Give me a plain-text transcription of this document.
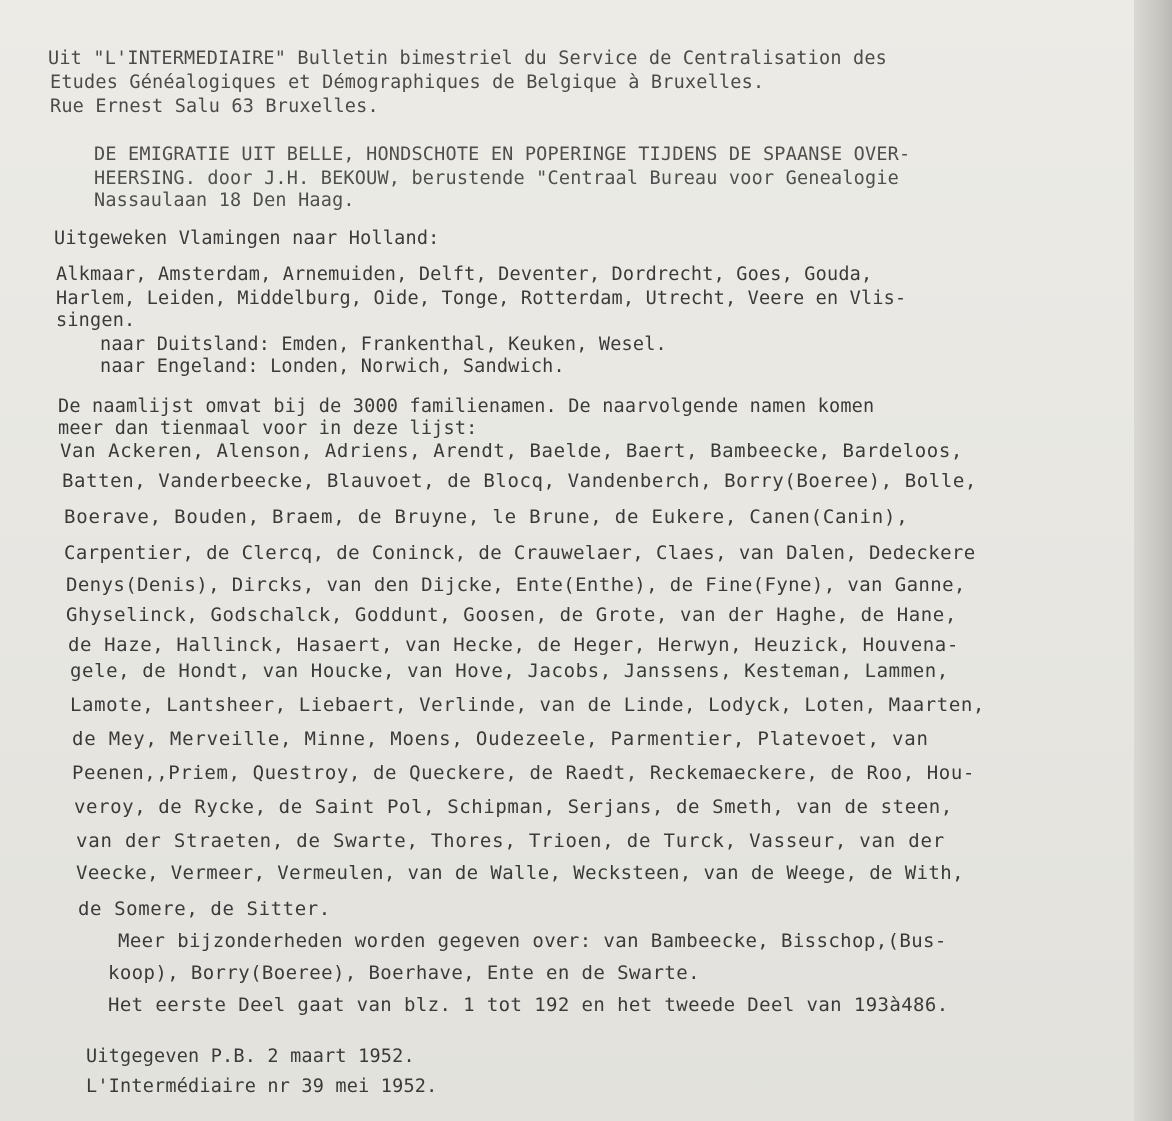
Uit "L'INTERMEDIAIRE" Bulletin bimestriel du Service de Centralisation des
Etudes Généalogiques et Démographiques de Belgique à Bruxelles.
Rue Ernest Salu 63 Bruxelles.
DE EMIGRATIE UIT BELLE, HONDSCHOTE EN POPERINGE TIJDENS DE SPAANSE OVER-
HEERSING. door J.H. BEKOUW, berustende "Centraal Bureau voor Genealogie
Nassaulaan 18 Den Haag.
Uitgeweken Vlamingen naar Holland:
Alkmaar, Amsterdam, Arnemuiden, Delft, Deventer, Dordrecht, Goes, Gouda,
Harlem, Leiden, Middelburg, Oide, Tonge, Rotterdam, Utrecht, Veere en Vlis-
singen.
naar Duitsland: Emden, Frankenthal, Keuken, Wesel.
naar Engeland: Londen, Norwich, Sandwich.
De naamlijst omvat bij de 3000 familienamen. De naarvolgende namen komen
meer dan tienmaal voor in deze lijst:
Van Ackeren, Alenson, Adriens, Arendt, Baelde, Baert, Bambeecke, Bardeloos,
Batten, Vanderbeecke, Blauvoet, de Blocq, Vandenberch, Borry(Boeree), Bolle,
Boerave, Bouden, Braem, de Bruyne, le Brune, de Eukere, Canen(Canin),
Carpentier, de Clercq, de Coninck, de Crauwelaer, Claes, van Dalen, Dedeckere
Denys(Denis), Dircks, van den Dijcke, Ente(Enthe), de Fine(Fyne), van Ganne,
Ghyselinck, Godschalck, Goddunt, Goosen, de Grote, van der Haghe, de Hane,
de Haze, Hallinck, Hasaert, van Hecke, de Heger, Herwyn, Heuzick, Houvena-
gele, de Hondt, van Houcke, van Hove, Jacobs, Janssens, Kesteman, Lammen,
Lamote, Lantsheer, Liebaert, Verlinde, van de Linde, Lodyck, Loten, Maarten,
de Mey, Merveille, Minne, Moens, Oudezeele, Parmentier, Platevoet, van
Peenen,,Priem, Questroy, de Queckere, de Raedt, Reckemaeckere, de Roo, Hou-
veroy, de Rycke, de Saint Pol, Schipman, Serjans, de Smeth, van de steen,
van der Straeten, de Swarte, Thores, Trioen, de Turck, Vasseur, van der
Veecke, Vermeer, Vermeulen, van de Walle, Wecksteen, van de Weege, de With,
de Somere, de Sitter.
Meer bijzonderheden worden gegeven over: van Bambeecke, Bisschop,(Bus-
koop), Borry(Boeree), Boerhave, Ente en de Swarte.
Het eerste Deel gaat van blz. 1 tot 192 en het tweede Deel van 193à486.
Uitgegeven P.B. 2 maart 1952.
L'Intermédiaire nr 39 mei 1952.
